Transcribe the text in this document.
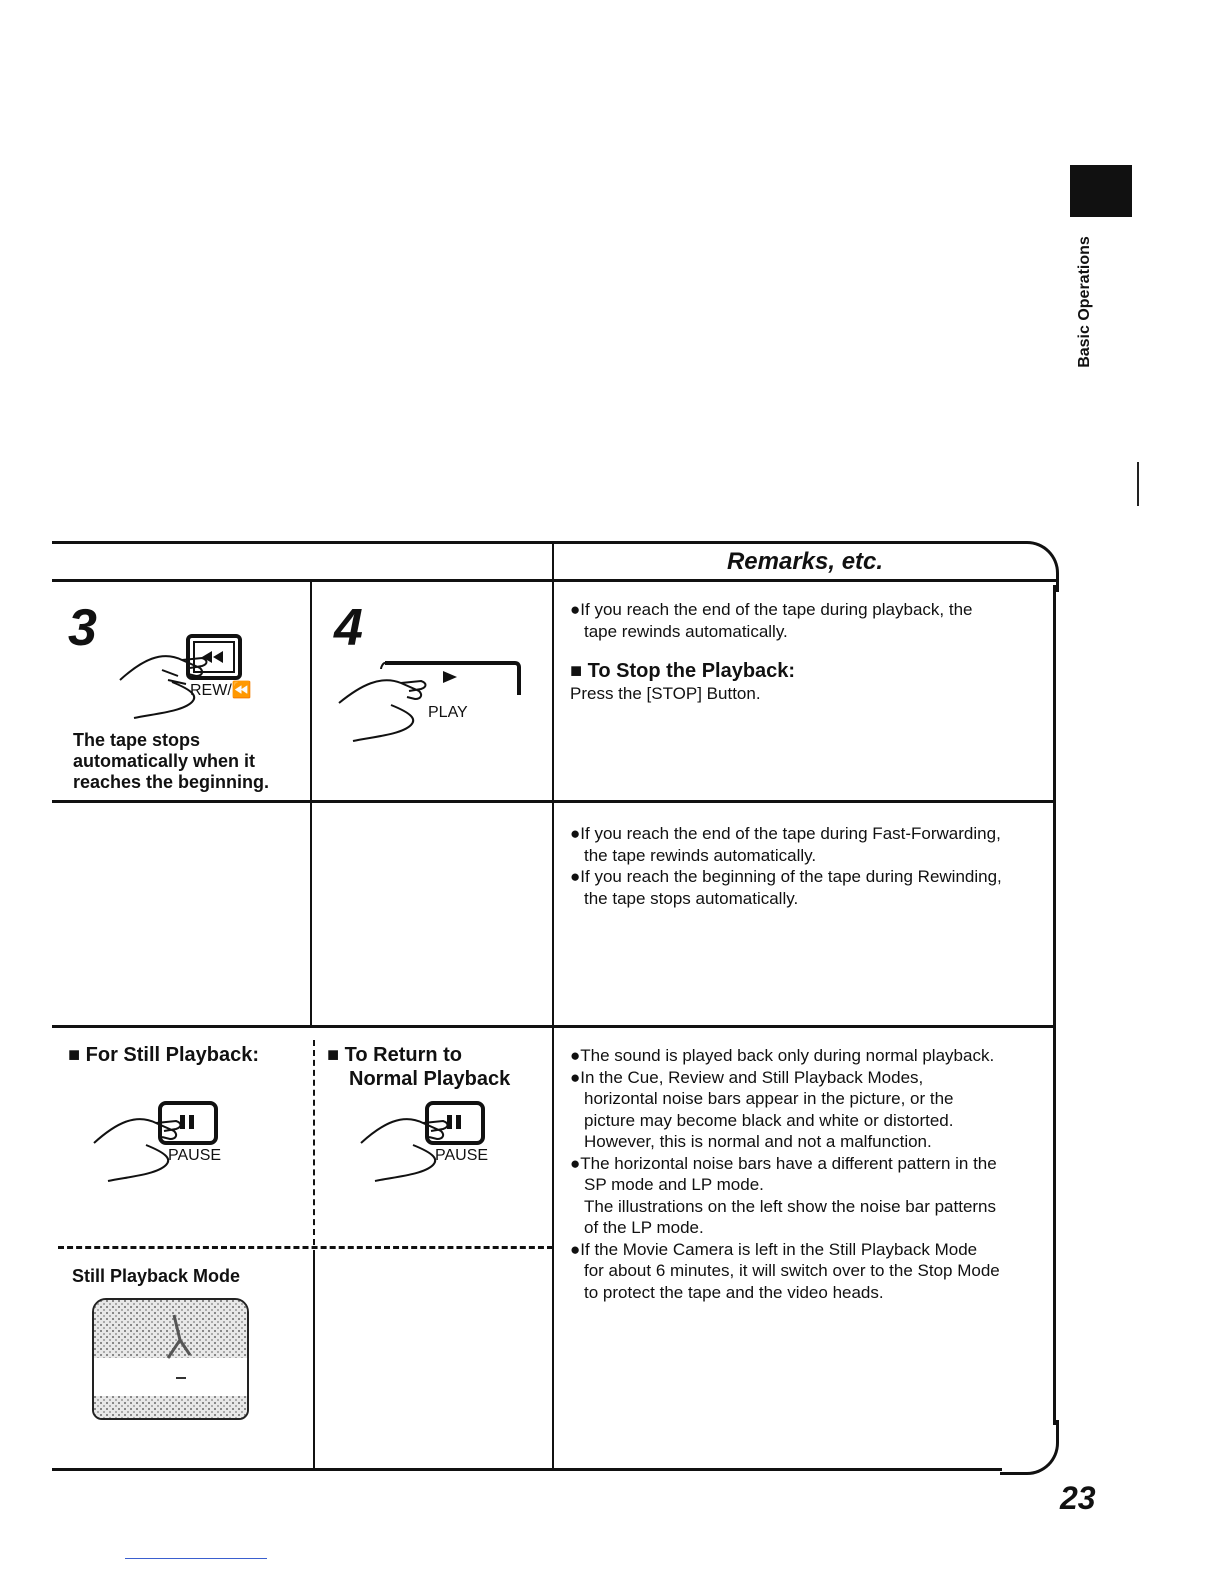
Basic Operations
Remarks, etc.
3
REW/⏪
The tape stops
automatically when it
reaches the beginning.
4
PLAY

●If you reach the end of the tape during playback, the
tape rewinds automatically.

■ To Stop the Playback:
Press the [STOP] Button.

●If you reach the end of the tape during Fast-Forwarding,
the tape rewinds automatically.

●If you reach the beginning of the tape during Rewinding,
the tape stops automatically.

■ For Still Playback:
PAUSE
■ To Return to
Normal Playback
PAUSE
Still Playback Mode

●The sound is played back only during normal playback.

●In the Cue, Review and Still Playback Modes,
horizontal noise bars appear in the picture, or the
picture may become black and white or distorted.
However, this is normal and not a malfunction.

●The horizontal noise bars have a different pattern in the
SP mode and LP mode.
The illustrations on the left show the noise bar patterns
of the LP mode.

●If the Movie Camera is left in the Still Playback Mode
for about 6 minutes, it will switch over to the Stop Mode
to protect the tape and the video heads.

23
